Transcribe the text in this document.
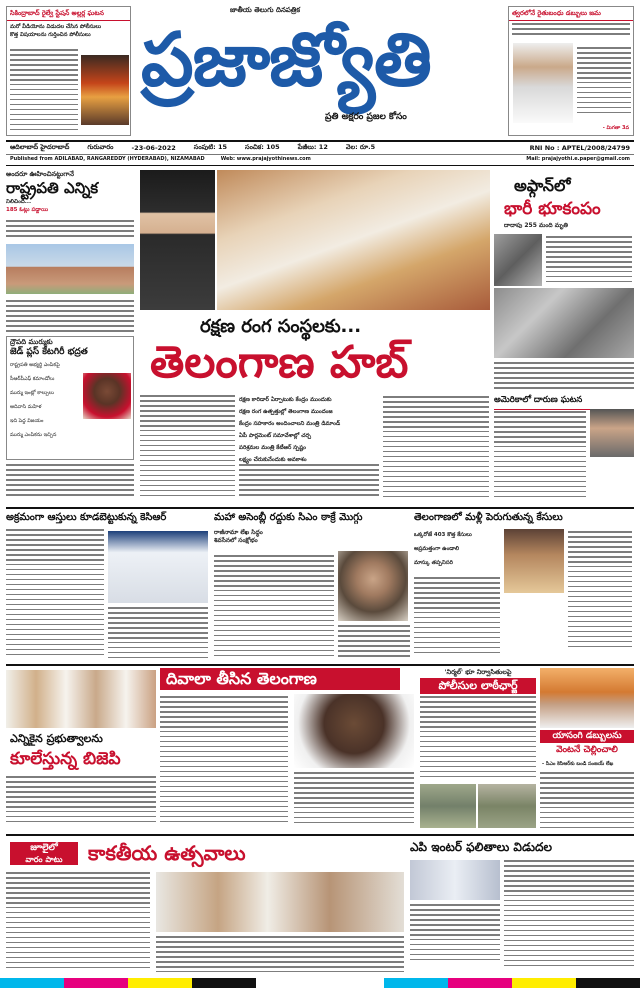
సికింద్రాబాద్ రైల్వే స్టేషన్ అల్లర్ల ఘటన
మరో వీడియోను విడుదల చేసిన పోలీసులు
కొత్త విషయాలను గుర్తించిన పోలీసులు
జాతీయ తెలుగు దినపత్రిక
ప్రజాజ్యోతి
ప్రతి అక్షరం ప్రజల కోసం
త్వరలోనే రైతుబంధు డబ్బులు జమ
- మిగతా 3వ
ఆదిలాబాద్ హైదరాబాద్	గురువారం	-23-06-2022	సంపుటి: 15	సంచిక: 105	పేజీలు: 12	వెల: రూ.5	RNI No : APTEL/2008/24799
Published from ADILABAD, RANGAREDDY (HYDERABAD), NIZAMABAD	Web: www.prajajyothinews.com	Mail: prajajyothi.e.paper@gmail.com
అందరూ ఊహించినట్టుగానే
రాష్ట్రపతి ఎన్నిక
నిలిచింది...
185 ఓట్లు పడ్డాయి
ద్రౌపది ముర్ముకు
జెడ్ ప్లస్ కేటగిరీ భద్రత
రాష్ట్రపతి అభ్యర్థి ఎంపికపై
సీఆర్‌పీఎఫ్ కమాండోలు
ముర్ము ఇంట్లో కాల్పులు
ఆదివాసి మహిళ
ఇది పెద్ద విజయం
ముర్ము ఎంపికను ఇచ్చిన
రక్షణ రంగ సంస్థలకు...
తెలంగాణ హబ్
రక్షణ కారిడార్ ఏర్పాటుకు కేంద్రం ముందుకు
రక్షణ రంగ ఉత్పత్తుల్లో తెలంగాణ ముందంజ
కేంద్రం సహకారం అందించాలని మంత్రి డిమాండ్
ఏపీ పార్లమెంట్ సమావేశాల్లో చర్చ
పరిశ్రమల మంత్రి కేటీఆర్ స్పష్టం
లక్ష్యం చేరుకునేందుకు అవకాశం
అఫ్గాన్‌లో
భారీ భూకంపం
దాదాపు 255 మంది మృతి
అమెరికాలో దారుణ ఘటన
అక్రమంగా ఆస్తులు కూడబెట్టుకున్న కెసిఆర్	మహా అసెంబ్లీ రద్దుకు సిఎం ఠాక్రే మొగ్గు
రాజీనామా లేఖ సిద్ధం
శివసేనలో సంక్షోభం
తెలంగాణలో మళ్లీ పెరుగుతున్న కేసులు
ఒక్కరోజే 403 కొత్త కేసులు
అప్రమత్తంగా ఉండాలి
మాస్కు తప్పనిసరి
ఎన్నికైన ప్రభుత్వాలను
కూలేస్తున్న బిజెపి
దివాలా తీసిన తెలంగాణ	'నిర్మల్' భూ నిర్వాసితులపై
పోలీసుల లాఠీఛార్జ్
యాసంగి డబ్బులను
వెంటనే చెల్లించాలి
- సిఎం కెసిఆర్‌కు బండి సంజయ్ లేఖ
జూలైలో
వారం పాటు	కాకతీయ ఉత్సవాలు	ఎపి ఇంటర్ ఫలితాలు విడుదల
